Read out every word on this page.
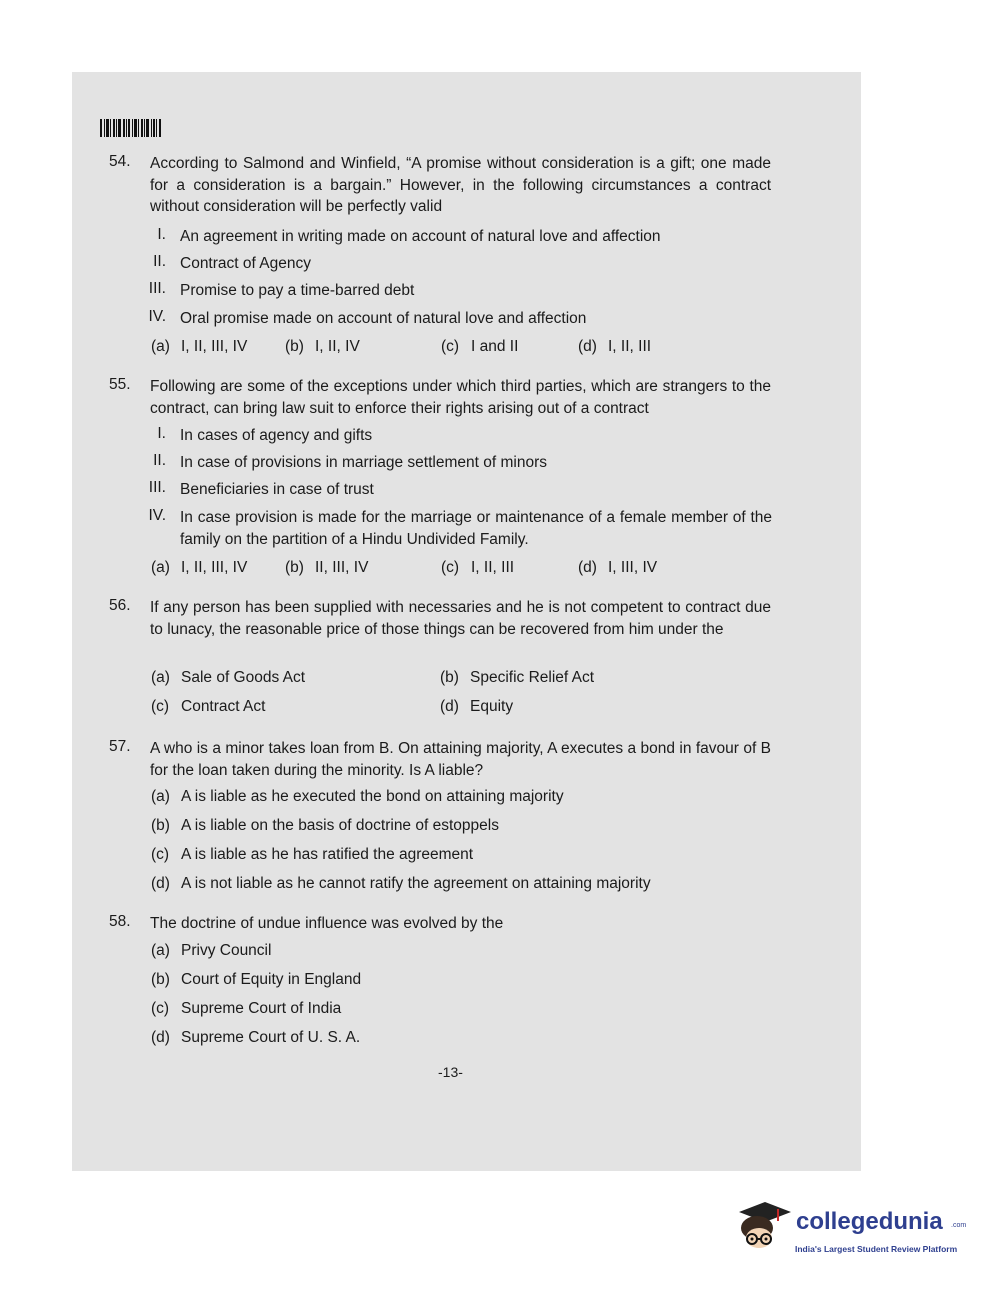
54. According to Salmond and Winfield, “A promise without consideration is a gift; one made for a consideration is a bargain.” However, in the following circumstances a contract without consideration will be perfectly valid
I. An agreement in writing made on account of natural love and affection
II. Contract of Agency
III. Promise to pay a time-barred debt
IV. Oral promise made on account of natural love and affection
(a) I, II, III, IV (b) I, II, IV	(c) I and II	(d) I, II, III
55. Following are some of the exceptions under which third parties, which are strangers to the contract, can bring law suit to enforce their rights arising out of a contract
I. In cases of agency and gifts
II. In case of provisions in marriage settlement of minors
III. Beneficiaries in case of trust
IV. In case provision is made for the marriage or maintenance of a female member of the family on the partition of a Hindu Undivided Family.
(a) I, II, III, IV (b) II, III, IV	(c) I, II, III	(d) I, III, IV
56. If any person has been supplied with necessaries and he is not competent to contract due to lunacy, the reasonable price of those things can be recovered from him under the
(a) Sale of Goods Act	(b) Specific Relief Act
(c) Contract Act	(d) Equity
57. A who is a minor takes loan from B. On attaining majority, A executes a bond in favour of B for the loan taken during the minority. Is A liable?
(a) A is liable as he executed the bond on attaining majority
(b) A is liable on the basis of doctrine of estoppels
(c) A is liable as he has ratified the agreement
(d) A is not liable as he cannot ratify the agreement on attaining majority
58. The doctrine of undue influence was evolved by the
(a) Privy Council
(b) Court of Equity in England
(c) Supreme Court of India
(d) Supreme Court of U. S. A.
-13-
collegedunia .com
India's Largest Student Review Platform
